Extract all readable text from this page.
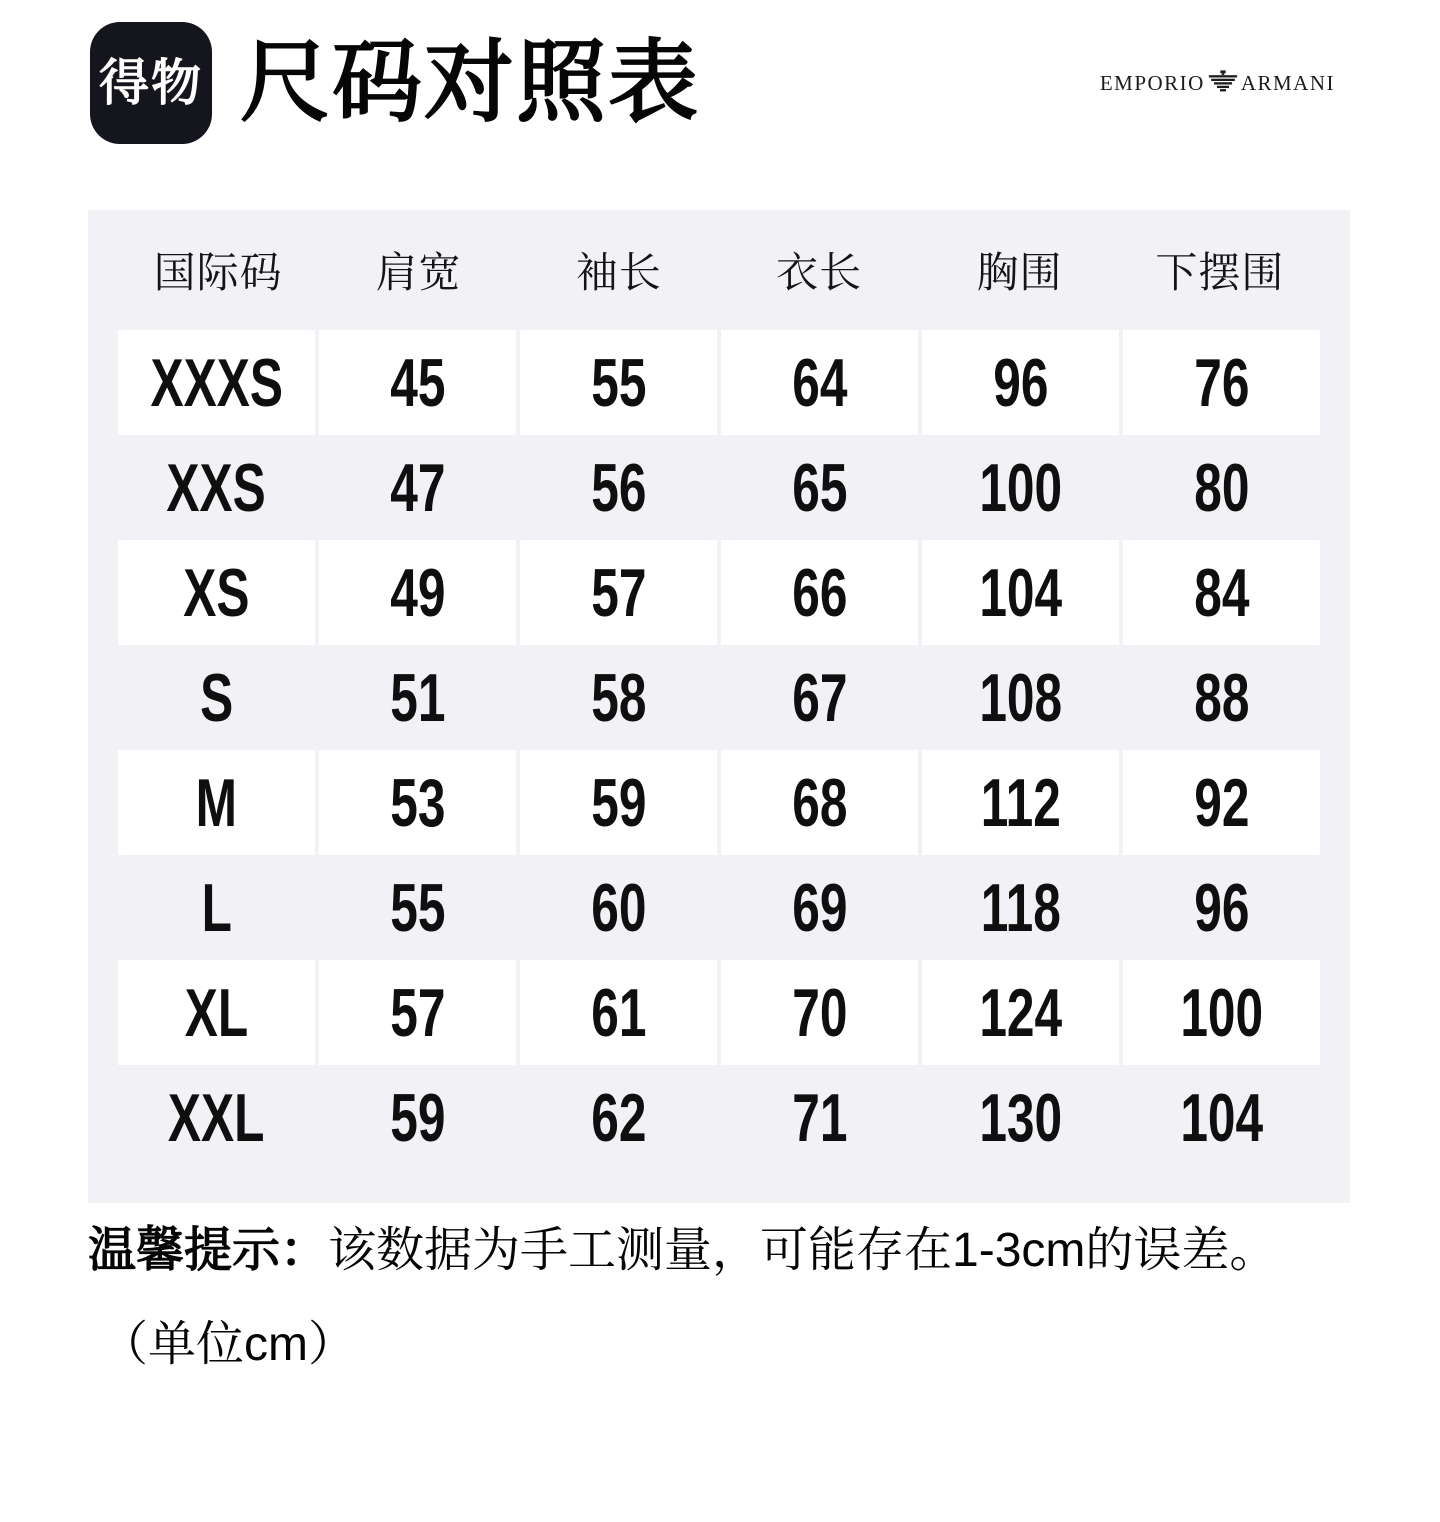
得物 尺码对照表	EMPORIO ARMANI
国际码	肩宽	袖长	衣长	胸围	下摆围
XXXS 45 55 64 96 76
XXS 47 56 65 100 80
XS 49 57 66 104 84
S 51 58 67 108 88
M 53 59 68 112 92
L 55 60 69 118 96
XL 57 61 70 124 100
XXL 59 62 71 130 104

温馨提示：该数据为手工测量，可能存在1-3cm的误差。

（单位cm）
